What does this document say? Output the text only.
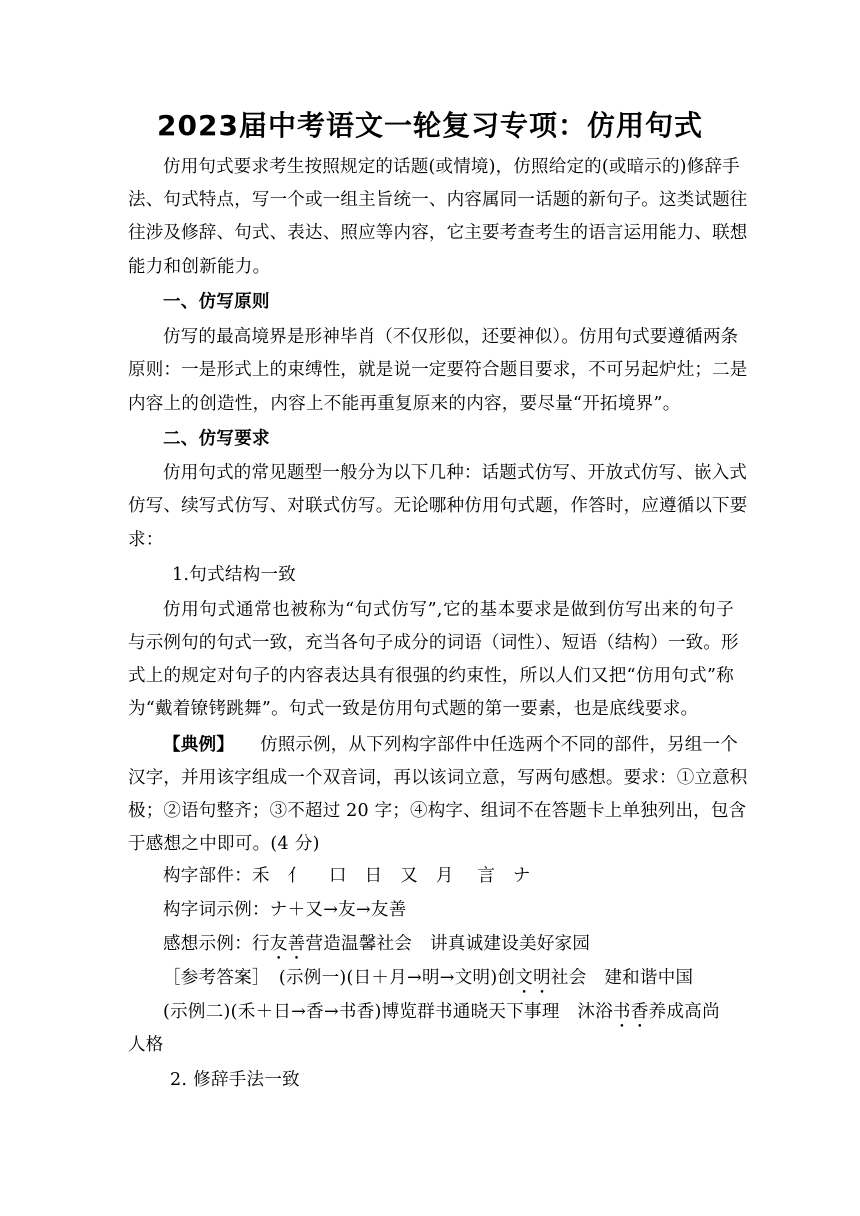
2023届中考语文一轮复习专项：仿用句式
仿用句式要求考生按照规定的话题(或情境)，仿照给定的(或暗示的)修辞手
法、句式特点，写一个或一组主旨统一、内容属同一话题的新句子。这类试题往
往涉及修辞、句式、表达、照应等内容，它主要考查考生的语言运用能力、联想
能力和创新能力。
一、仿写原则
仿写的最高境界是形神毕肖（不仅形似，还要神似）。仿用句式要遵循两条
原则：一是形式上的束缚性，就是说一定要符合题目要求，不可另起炉灶；二是
内容上的创造性，内容上不能再重复原来的内容，要尽量“开拓境界”。
二、仿写要求
仿用句式的常见题型一般分为以下几种：话题式仿写、开放式仿写、嵌入式
仿写、续写式仿写、对联式仿写。无论哪种仿用句式题，作答时，应遵循以下要
求：
1.句式结构一致
仿用句式通常也被称为“句式仿写”,它的基本要求是做到仿写出来的句子
与示例句的句式一致，充当各句子成分的词语（词性）、短语（结构）一致。形
式上的规定对句子的内容表达具有很强的约束性，所以人们又把“仿用句式”称
为“戴着镣铐跳舞”。句式一致是仿用句式题的第一要素，也是底线要求。
【典例】 仿照示例，从下列构字部件中任选两个不同的部件，另组一个
汉字，并用该字组成一个双音词，再以该词立意，写两句感想。要求：①立意积
极；②语句整齐；③不超过 20 字；④构字、组词不在答题卡上单独列出，包含
于感想之中即可。(4 分)
构字部件：禾　亻　 口　日　又　月　 言　ナ
构字词示例：ナ＋又→友→友善
感想示例：行友善营造温馨社会　讲真诚建设美好家园
［参考答案］　(示例一)(日＋月→明→文明)创文明社会　建和谐中国
(示例二)(禾＋日→香→书香)博览群书通晓天下事理　沐浴书香养成高尚
人格
2. 修辞手法一致
